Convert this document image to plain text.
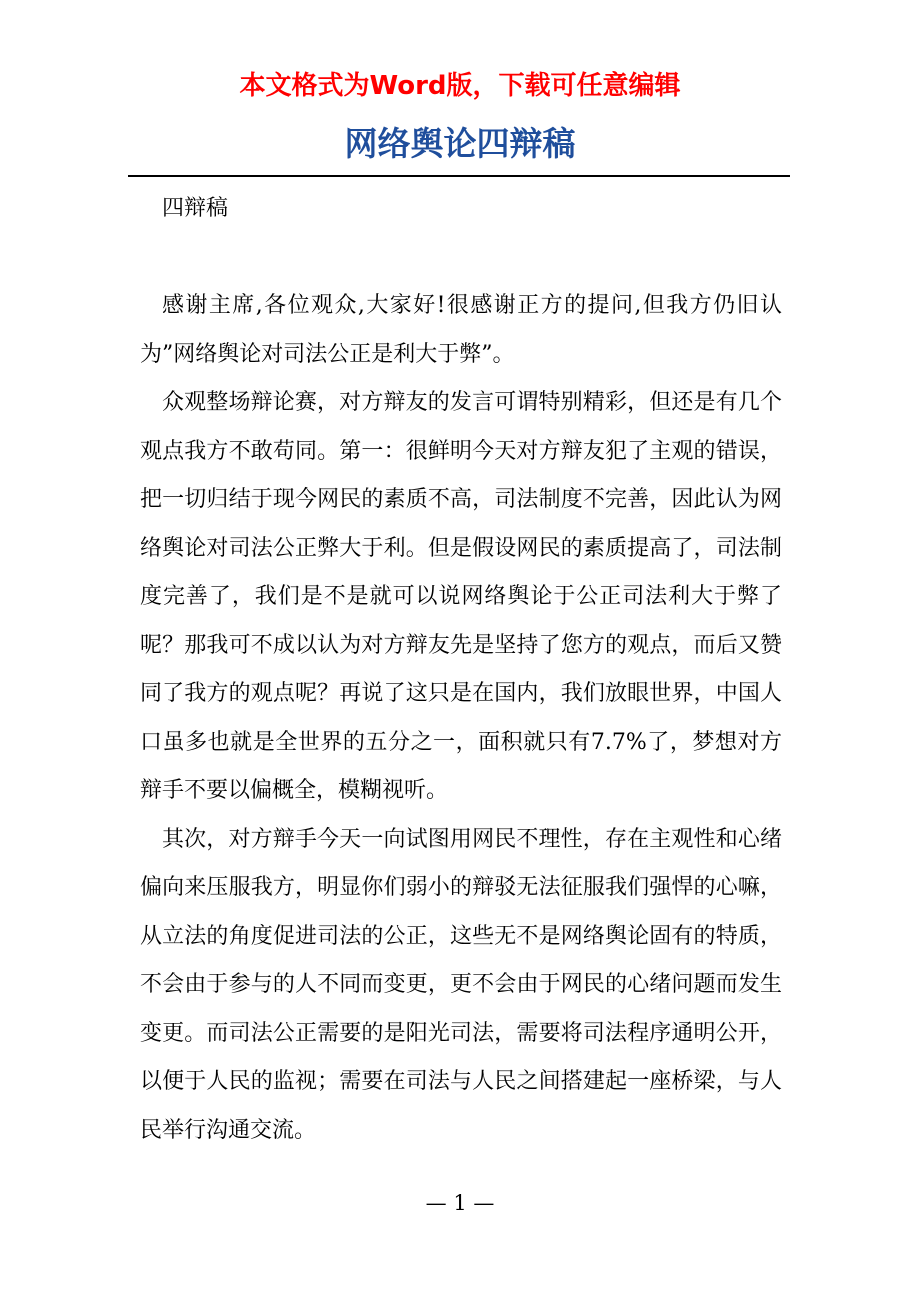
本文格式为Word版，下载可任意编辑
网络舆论四辩稿

四辩稿

感谢主席,各位观众,大家好!很感谢正方的提问,但我方仍旧认为”网络舆论对司法公正是利大于弊”。

众观整场辩论赛，对方辩友的发言可谓特别精彩，但还是有几个观点我方不敢苟同。第一：很鲜明今天对方辩友犯了主观的错误，把一切归结于现今网民的素质不高，司法制度不完善，因此认为网络舆论对司法公正弊大于利。但是假设网民的素质提高了，司法制度完善了，我们是不是就可以说网络舆论于公正司法利大于弊了呢？那我可不成以认为对方辩友先是坚持了您方的观点，而后又赞同了我方的观点呢？再说了这只是在国内，我们放眼世界，中国人口虽多也就是全世界的五分之一，面积就只有7.7%了，梦想对方辩手不要以偏概全，模糊视听。

其次，对方辩手今天一向试图用网民不理性，存在主观性和心绪偏向来压服我方，明显你们弱小的辩驳无法征服我们强悍的心嘛，从立法的角度促进司法的公正，这些无不是网络舆论固有的特质，不会由于参与的人不同而变更，更不会由于网民的心绪问题而发生变更。而司法公正需要的是阳光司法，需要将司法程序通明公开，以便于人民的监视；需要在司法与人民之间搭建起一座桥梁，与人民举行沟通交流。

— 1 —
